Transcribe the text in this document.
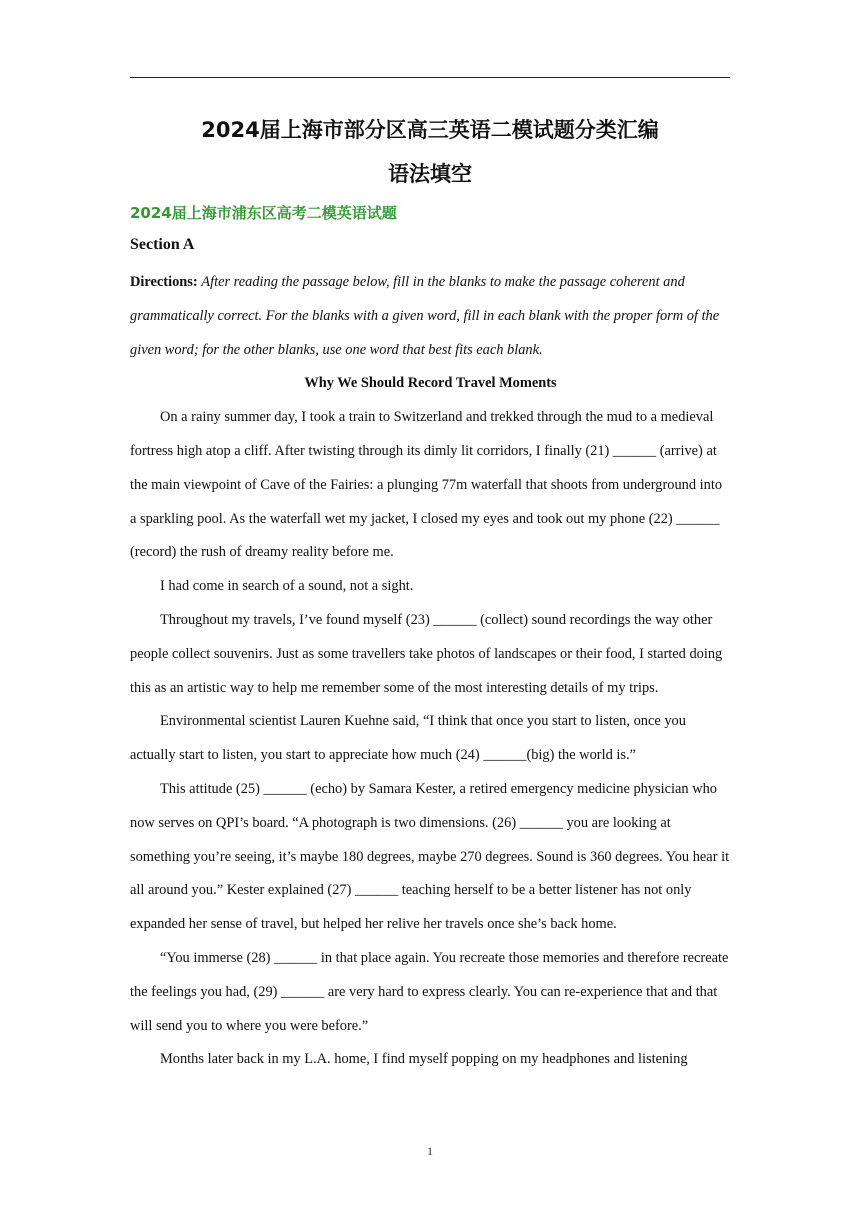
2024届上海市部分区高三英语二模试题分类汇编
语法填空
2024届上海市浦东区高考二模英语试题
Section A

Directions: After reading the passage below, fill in the blanks to make the passage coherent and grammatically correct. For the blanks with a given word, fill in each blank with the proper form of the given word; for the other blanks, use one word that best fits each blank.

Why We Should Record Travel Moments

On a rainy summer day, I took a train to Switzerland and trekked through the mud to a medieval fortress high atop a cliff. After twisting through its dimly lit corridors, I finally (21) ______ (arrive) at the main viewpoint of Cave of the Fairies: a plunging 77m waterfall that shoots from underground into a sparkling pool. As the waterfall wet my jacket, I closed my eyes and took out my phone (22) ______ (record) the rush of dreamy reality before me.

I had come in search of a sound, not a sight.

Throughout my travels, I’ve found myself (23) ______ (collect) sound recordings the way other people collect souvenirs. Just as some travellers take photos of landscapes or their food, I started doing this as an artistic way to help me remember some of the most interesting details of my trips.

Environmental scientist Lauren Kuehne said, “I think that once you start to listen, once you actually start to listen, you start to appreciate how much (24) ______(big) the world is.”

This attitude (25) ______ (echo) by Samara Kester, a retired emergency medicine physician who now serves on QPI’s board. “A photograph is two dimensions. (26) ______ you are looking at something you’re seeing, it’s maybe 180 degrees, maybe 270 degrees. Sound is 360 degrees. You hear it all around you.” Kester explained (27) ______ teaching herself to be a better listener has not only expanded her sense of travel, but helped her relive her travels once she’s back home.

“You immerse (28) ______ in that place again. You recreate those memories and therefore recreate the feelings you had, (29) ______ are very hard to express clearly. You can re-experience that and that will send you to where you were before.”

Months later back in my L.A. home, I find myself popping on my headphones and listening

1
